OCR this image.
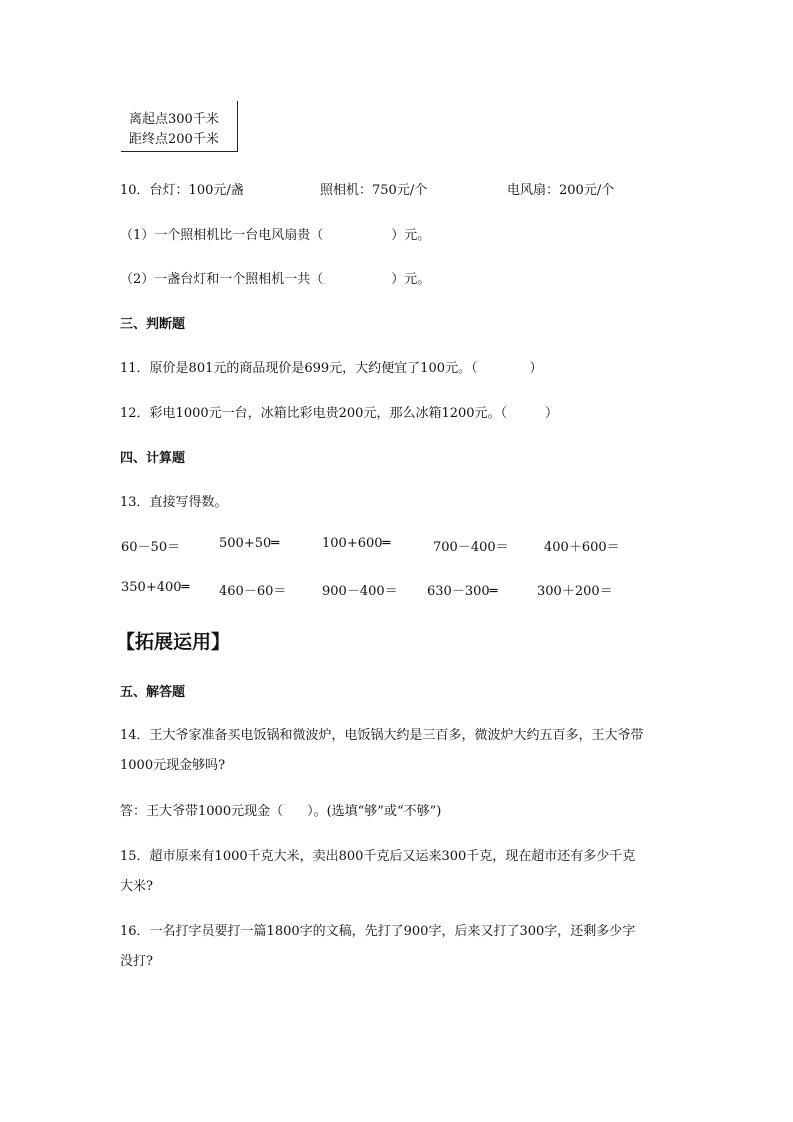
离起点300千米
距终点200千米
10．台灯：100元/盏	照相机：750元/个	电风扇：200元/个
（1）一个照相机比一台电风扇贵（	）元。
（2）一盏台灯和一个照相机一共（	）元。
三、判断题
11．原价是801元的商品现价是699元，大约便宜了100元。（	）
12．彩电1000元一台，冰箱比彩电贵200元，那么冰箱1200元。（	）
四、计算题
13．直接写得数。
60－50＝	500+50═	100+600═	700－400＝	400＋600＝
350+400═ 460－60＝	900－400＝ 630－300═	300＋200＝
【拓展运用】
五、解答题
14．王大爷家准备买电饭锅和微波炉，电饭锅大约是三百多，微波炉大约五百多，王大爷带
1000元现金够吗?
答：王大爷带1000元现金（ ）。(选填“够”或“不够”)
15．超市原来有1000千克大米，卖出800千克后又运来300千克，现在超市还有多少千克
大米?
16．一名打字员要打一篇1800字的文稿，先打了900字，后来又打了300字，还剩多少字
没打?
